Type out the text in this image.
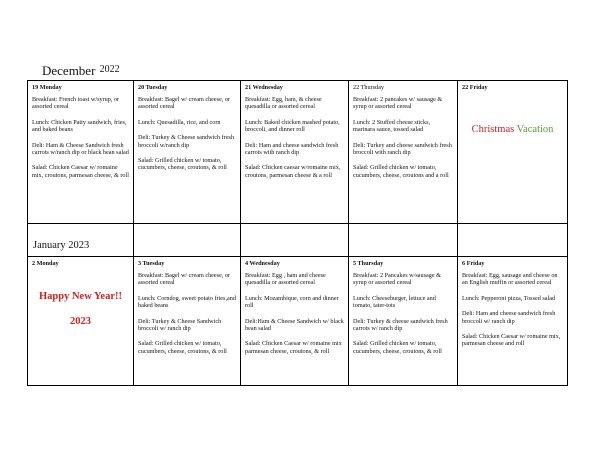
December $^{2022}$
19 Monday
Breakfast: French toast w/syrup, or assorted cereal
Lunch: Chicken Patty sandwich, fries, and baked beans
Deli: Ham & Cheese Sandwich fresh carrots w/ranch dip or black bean salad
Salad: Chicken Caesar w/ romaine mix, croutons, parmesan cheese, & roll
20 Tuesday
Breakfast: Bagel w/ cream cheese, or assorted cereal
Lunch: Quesadilla, rice, and corn
Deli: Turkey & Cheese sandwich fresh broccoli w/ranch dip
Salad: Grilled chicken w/ tomato, cucumbers, cheese, croutons, & roll
21 Wednesday
Breakfast: Egg, ham, & cheese quesadilla or assorted cereal
Lunch: Baked chicken mashed potato, broccoli, and dinner roll
Deli: Ham and cheese sandwich fresh carrots with ranch dip
Salad: Chicken caesar w/romaine mix, croutons, parmesan cheese & a roll
22 Thursday
Breakfast: 2 pancakes w/ sausage & syrup or assorted cereal
Lunch: 2 Stuffed cheese sticks, marinara sauce, tossed salad
Deli: Turkey and cheese sandwich fresh broccoli with ranch dip
Salad: Grilled chicken w/ tomato, cucumbers, cheese, croutons and a roll
22 Friday
Christmas Vacation
January 2023
2 Monday
Happy New Year!!
2023
3 Tuesday
Breakfast: Bagel w/ cream cheese, or assorted cereal
Lunch: Corndog, sweet potato fries,and baked beans
Deli: Turkey & Cheese Sandwich broccoli w/ ranch dip
Salad: Grilled chicken w/ tomato, cucumbers, cheese, croutons, & roll
4 Wednesday
Breakfast: Egg , ham and cheese quesadilla or assorted cereal
Lunch: Mozambique, corn and dinner roll
Deli:Ham & Cheese Sandwich w/ black bean salad
Salad: Chicken Caesar w/ romaine mix parmesan cheese, croutons, & roll
5 Thursday
Breakfast: 2 Pancakes w/sausage & syrup or assorted cereal
Lunch: Cheeseburger, lettuce and tomato, tater-tots
Deli: Turkey & cheese sandwich fresh carrots w/ ranch dip
Salad: Grilled chicken w/ tomato, cucumbers, cheese, croutons, & roll
6 Friday
Breakfast: Egg, sausage and cheese on an English muffin or assorted cereal
Lunch: Pepperoni pizza, Tossed salad
Deli: Ham and cheese sandwich fresh broccoli w/ ranch dip
Salad: Chicken Caesar w/ romaine mix, parmesan cheese and roll
